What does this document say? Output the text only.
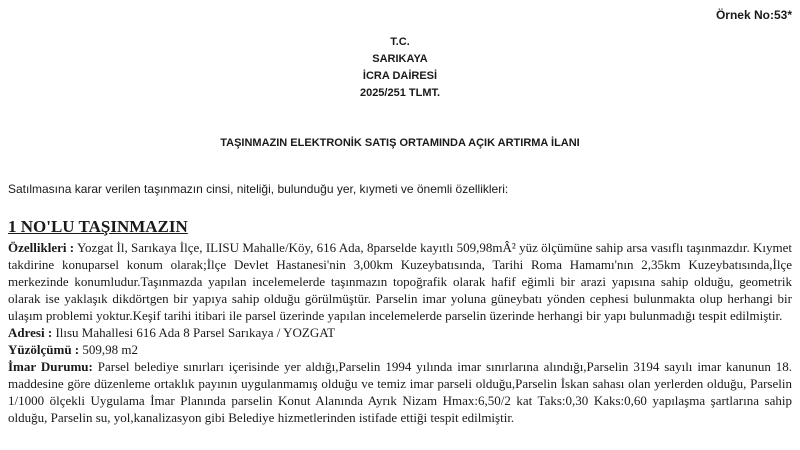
Örnek No:53*
T.C.
SARIKAYA
İCRA DAİRESİ
2025/251 TLMT.
TAŞINMAZIN ELEKTRONİK SATIŞ ORTAMINDA AÇIK ARTIRMA İLANI
Satılmasına karar verilen taşınmazın cinsi, niteliği, bulunduğu yer, kıymeti ve önemli özellikleri:
1 NO'LU TAŞINMAZIN

Özellikleri : Yozgat İl, Sarıkaya İlçe, ILISU Mahalle/Köy, 616 Ada, 8parselde kayıtlı 509,98mÂ² yüz ölçümüne sahip arsa vasıflı taşınmazdır. Kıymet takdirine konuparsel konum olarak;İlçe Devlet Hastanesi'nin 3,00km Kuzeybatısında, Tarihi Roma Hamamı'nın 2,35km Kuzeybatısında,İlçe merkezinde konumludur.Taşınmazda yapılan incelemelerde taşınmazın topoğrafik olarak hafif eğimli bir arazi yapısına sahip olduğu, geometrik olarak ise yaklaşık dikdörtgen bir yapıya sahip olduğu görülmüştür. Parselin imar yoluna güneybatı yönden cephesi bulunmakta olup herhangi bir ulaşım problemi yoktur.Keşif tarihi itibari ile parsel üzerinde yapılan incelemelerde parselin üzerinde herhangi bir yapı bulunmadığı tespit edilmiştir.

Adresi : Ilısu Mahallesi 616 Ada 8 Parsel Sarıkaya / YOZGAT

Yüzölçümü : 509,98 m2

İmar Durumu: Parsel belediye sınırları içerisinde yer aldığı,Parselin 1994 yılında imar sınırlarına alındığı,Parselin 3194 sayılı imar kanunun 18. maddesine göre düzenleme ortaklık payının uygulanmamış olduğu ve temiz imar parseli olduğu,Parselin İskan sahası olan yerlerden olduğu, Parselin 1/1000 ölçekli Uygulama İmar Planında parselin Konut Alanında Ayrık Nizam Hmax:6,50/2 kat Taks:0,30 Kaks:0,60 yapılaşma şartlarına sahip olduğu, Parselin su, yol,kanalizasyon gibi Belediye hizmetlerinden istifade ettiği tespit edilmiştir.
